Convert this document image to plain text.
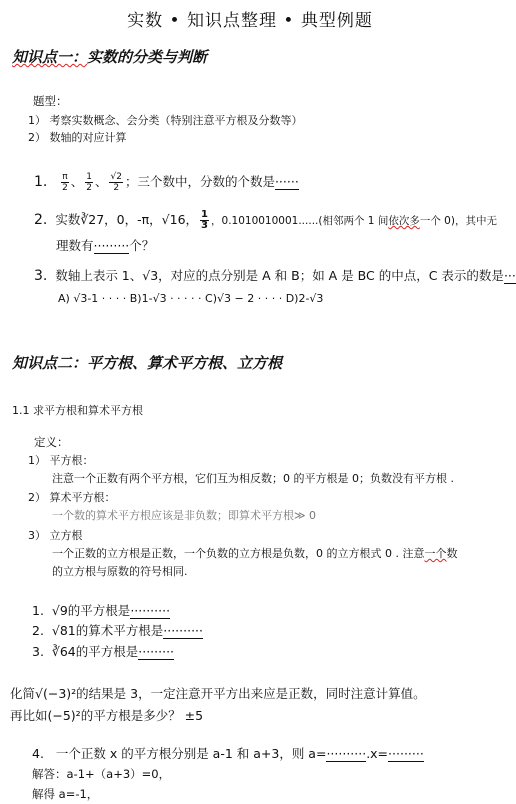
实数 • 知识点整理 • 典型例题
知识点一：实数的分类与判断
题型：
1） 考察实数概念、会分类（特别注意平方根及分数等）
2） 数轴的对应计算
1. $\frac{\pi}{2}$ 、 $\frac{1}{2}$ 、 $\frac{√2}{2}$ ；三个数中，分数的个数是······
2. 实数∛27，0，-π，√16， $\frac{1}{3}$ ，0.1010010001......(相邻两个 1 间依次多一个 0)，其中无
理数有·········个？
3. 数轴上表示 1、√3，对应的点分别是 A 和 B；如 A 是 BC 的中点，C 表示的数是···
A) √3-1 · · · · B)1-√3 · · · · · C)√3 − 2 · · · · D)2-√3
知识点二：平方根、算术平方根、立方根
1.1 求平方根和算术平方根
定义：
1） 平方根：
注意一个正数有两个平方根，它们互为相反数；0 的平方根是 0；负数没有平方根 .
2） 算术平方根：
一个数的算术平方根应该是非负数；即算术平方根≫ 0
3） 立方根
一个正数的立方根是正数，一个负数的立方根是负数，0 的立方根式 0 . 注意一个数
的立方根与原数的符号相同.
1. √9的平方根是··········
2. √81的算术平方根是··········
3. ∛64的平方根是·········
化简√(−3)²的结果是 3，一定注意开平方出来应是正数，同时注意计算值。
再比如(−5)²的平方根是多少？ ±5
4. 一个正数 x 的平方根分别是 a-1 和 a+3，则 a=··········.x=·········
解答：a-1+（a+3）=0，
解得 a=-1，
